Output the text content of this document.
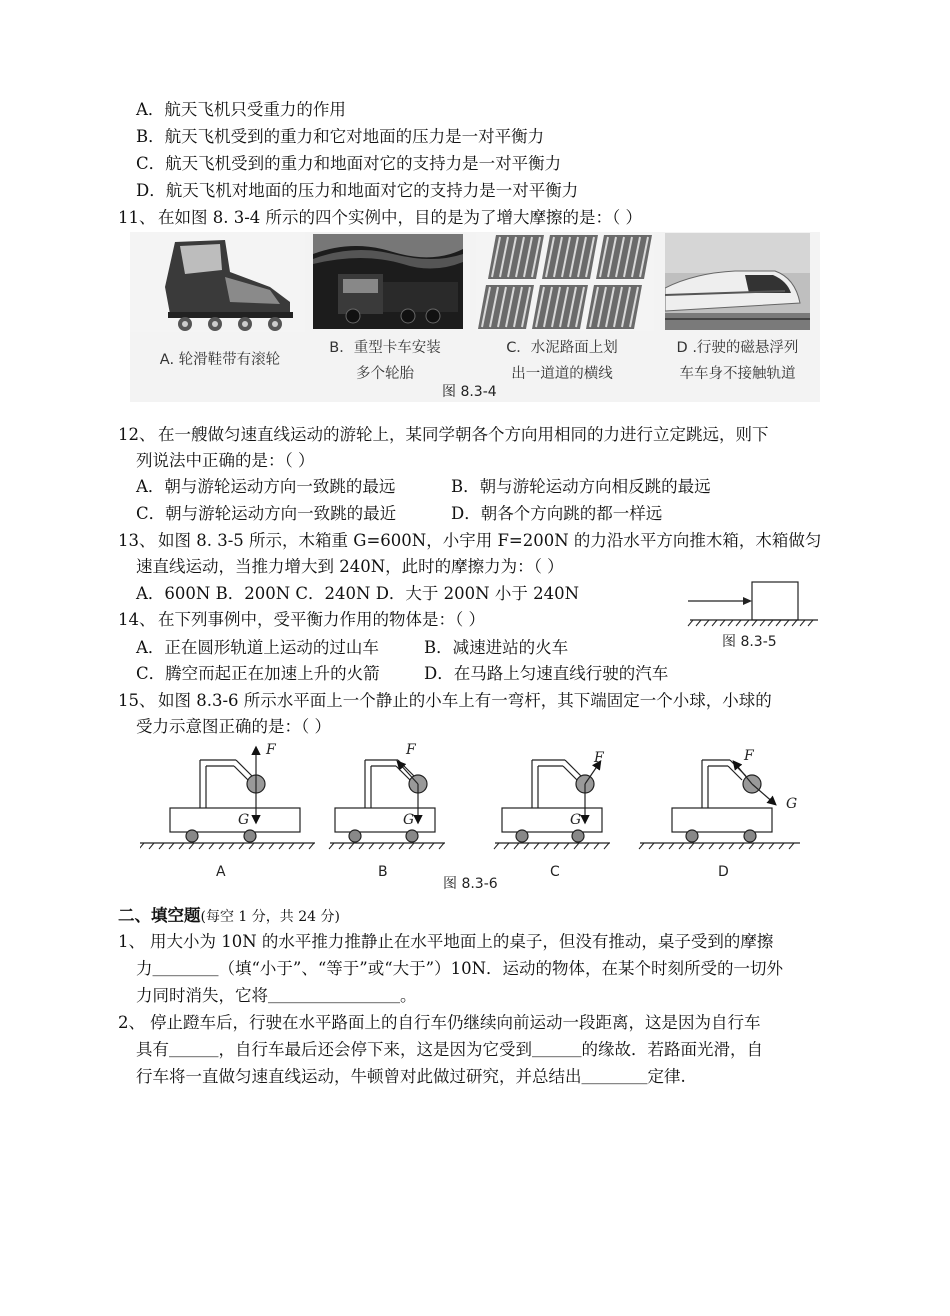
A．航天飞机只受重力的作用
B．航天飞机受到的重力和它对地面的压力是一对平衡力
C．航天飞机受到的重力和地面对它的支持力是一对平衡力
D．航天飞机对地面的压力和地面对它的支持力是一对平衡力
11、 在如图 8. 3-4 所示的四个实例中，目的是为了增大摩擦的是：（ ）
A. 轮滑鞋带有滚轮
B．重型卡车安装
多个轮胎
C．水泥路面上划
出一道道的横线
D .行驶的磁悬浮列
车车身不接触轨道
图 8.3-4
12、 在一艘做匀速直线运动的游轮上，某同学朝各个方向用相同的力进行立定跳远，则下
列说法中正确的是：（ ）
A．朝与游轮运动方向一致跳的最远	B．朝与游轮运动方向相反跳的最远
C．朝与游轮运动方向一致跳的最近	D．朝各个方向跳的都一样远
13、 如图 8. 3-5 所示，木箱重 G=600N，小宇用 F=200N 的力沿水平方向推木箱，木箱做匀
速直线运动，当推力增大到 240N，此时的摩擦力为：（ ）
A．600N B．200N C．240N D．大于 200N 小于 240N
图 8.3-5
14、 在下列事例中，受平衡力作用的物体是：（ ）
A．正在圆形轨道上运动的过山车	B．减速进站的火车
C．腾空而起正在加速上升的火箭	D．在马路上匀速直线行驶的汽车
15、 如图 8.3-6 所示水平面上一个静止的小车上有一弯杆，其下端固定一个小球，小球的
受力示意图正确的是：（ ）
F
G
F
G
F
G
F
G
A	B	C	D
图 8.3-6
二、填空题(每空 1 分，共 24 分)
1、 用大小为 10N 的水平推力推静止在水平地面上的桌子，但没有推动，桌子受到的摩擦
力＿＿＿＿（填“小于”、“等于”或“大于”）10N．运动的物体，在某个时刻所受的一切外
力同时消失，它将＿＿＿＿＿＿＿＿。
2、 停止蹬车后，行驶在水平路面上的自行车仍继续向前运动一段距离，这是因为自行车
具有＿＿＿，自行车最后还会停下来，这是因为它受到＿＿＿的缘故．若路面光滑，自
行车将一直做匀速直线运动，牛顿曾对此做过研究，并总结出＿＿＿＿定律.
